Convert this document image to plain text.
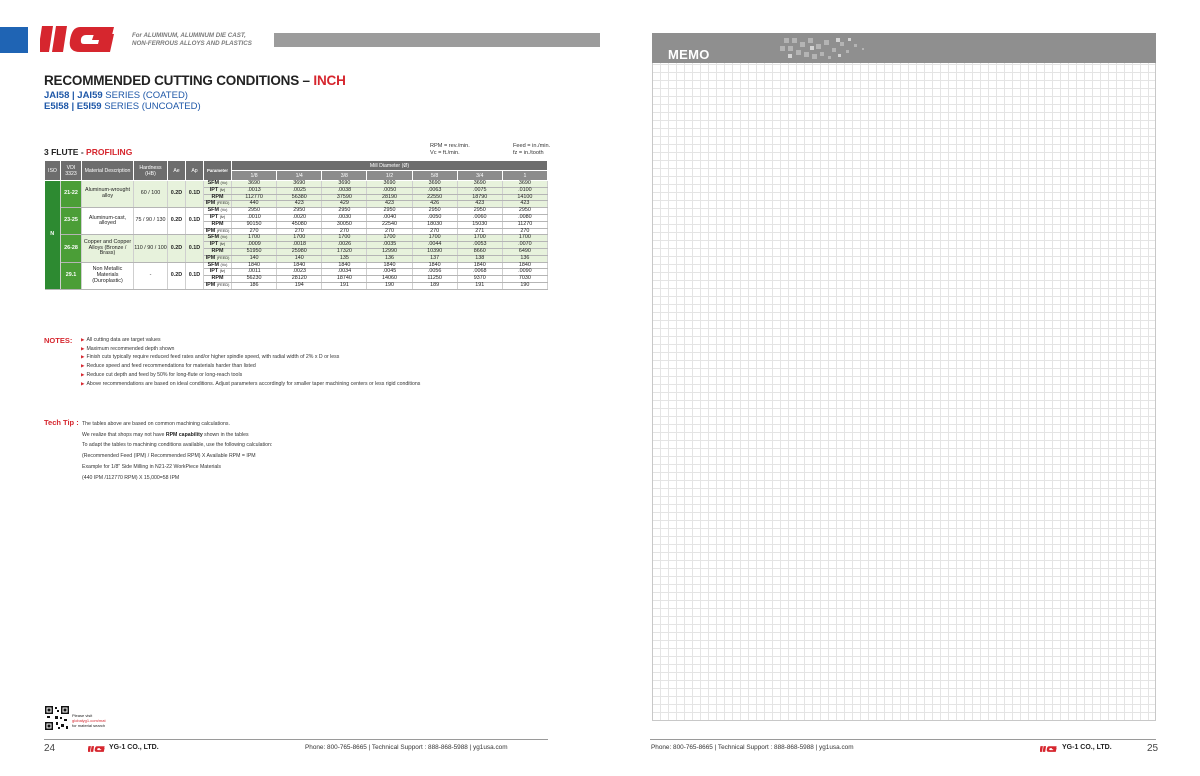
For ALUMINUM, ALUMINUM DIE CAST,
NON-FERROUS ALLOYS AND PLASTICS
RECOMMENDED CUTTING CONDITIONS – INCH
JAI58 | JAI59 SERIES (COATED)
E5I58 | E5I59 SERIES (UNCOATED)
3 FLUTE - PROFILING
RPM = rev./min.
Vc = ft./min.
Feed = in./min.
fz = in./tooth
ISO	VDI 3323	Material Description	Hardness (HB)	Ae	Ap	Parameter	Mill Diameter (Ø)						
							1/8	1/4	3/8	1/2	5/8	3/4	1
N	21-22	Aluminum-wrought alloy	60 / 100	0.2D	0.1D	SFM (Vc)	3690	3690	3690	3690	3690	3690	3690
						IPT (fz)	.0013	.0025	.0038	.0050	.0063	.0075	.0100
						RPM	112770	56380	37590	28190	22550	18790	14100
						IPM (FEED)	440	423	429	423	426	423	423
	23-25	Aluminum-cast, alloyed	75 / 90 / 130	0.2D	0.1D	SFM (Vc)	2950	2950	2950	2950	2950	2950	2950
						IPT (fz)	.0010	.0020	.0030	.0040	.0050	.0060	.0080
						RPM	90150	45080	30050	22540	18030	15030	11270
						IPM (FEED)	270	270	270	270	270	271	270
	26-28	Copper and Copper Alloys (Bronze / Brass)	110 / 90 / 100	0.2D	0.1D	SFM (Vc)	1700	1700	1700	1700	1700	1700	1700
						IPT (fz)	.0009	.0018	.0026	.0035	.0044	.0053	.0070
						RPM	51950	25980	17320	12990	10390	8660	6490
						IPM (FEED)	140	140	135	136	137	138	136
	29.1	Non Metallic Materials (Duroplastic)	-	0.2D	0.1D	SFM (Vc)	1840	1840	1840	1840	1840	1840	1840
						IPT (fz)	.0011	.0023	.0034	.0045	.0056	.0068	.0090
						RPM	56230	28120	18740	14060	11250	9370	7030
						IPM (FEED)	186	194	191	190	189	191	190
NOTES:	▶ All cutting data are target values
▶ Maximum recommended depth shown
▶ Finish cuts typically require reduced feed rates and/or higher spindle speed, with radial width of 2% x D or less
▶ Reduce speed and feed recommendations for materials harder than listed
▶ Reduce cut depth and feed by 50% for long-flute or long-reach tools
▶ Above recommendations are based on ideal conditions. Adjust parameters accordingly for smaller taper machining centers or less rigid conditions
Tech Tip : The tables above are based on common machining calculations.
We realize that shops may not have RPM capability shown in the tables
To adapt the tables to machining conditions available, use the following calculation:
(Recommended Feed (IPM) / Recommended RPM) X Available RPM = IPM
Example for 1/8" Side Milling in N21-22 WorkPiece Materials
(440 IPM /112770 RPM) X 15,000=58 IPM
Please visit
globalyg1.com/mat
for material search
24	YG-1 CO., LTD.	Phone: 800-765-8665 | Technical Support : 888-868-5988 | yg1usa.com
MEMO
Phone: 800-765-8665 | Technical Support : 888-868-5988 | yg1usa.com	YG-1 CO., LTD.	25
